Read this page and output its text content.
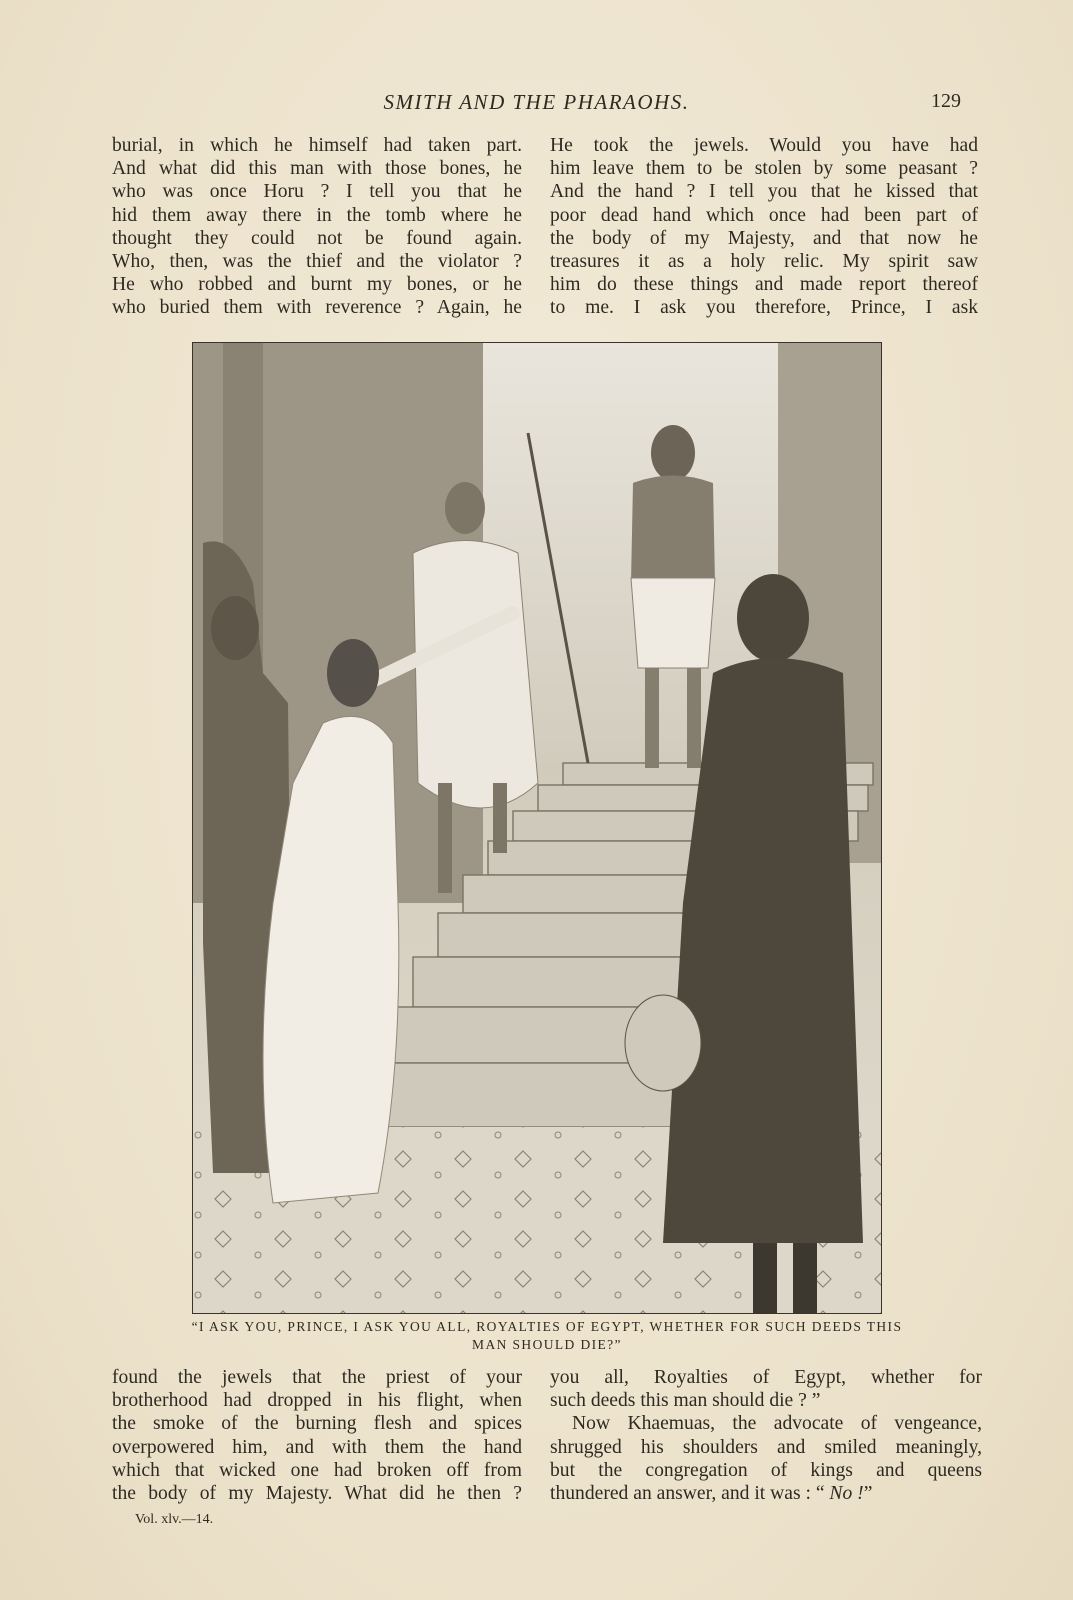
SMITH AND THE PHARAOHS.	129
burial, in which he himself had taken part.
And what did this man with those bones, he
who was once Horu ? I tell you that he
hid them away there in the tomb where he
thought they could not be found again.
Who, then, was the thief and the violator ?
He who robbed and burnt my bones, or he
who buried them with reverence ? Again, he
He took the jewels. Would you have had
him leave them to be stolen by some peasant ?
And the hand ? I tell you that he kissed that
poor dead hand which once had been part of
the body of my Majesty, and that now he
treasures it as a holy relic. My spirit saw
him do these things and made report thereof
to me. I ask you therefore, Prince, I ask
“I ASK YOU, PRINCE, I ASK YOU ALL, ROYALTIES OF EGYPT, WHETHER FOR SUCH DEEDS THIS
MAN SHOULD DIE?”
found the jewels that the priest of your
brotherhood had dropped in his flight, when
the smoke of the burning flesh and spices
overpowered him, and with them the hand
which that wicked one had broken off from
the body of my Majesty. What did he then ?
you all, Royalties of Egypt, whether for
such deeds this man should die ? ”
Now Khaemuas, the advocate of vengeance,
shrugged his shoulders and smiled meaningly,
but the congregation of kings and queens
thundered an answer, and it was : “ No !”
Vol. xlv.—14.
